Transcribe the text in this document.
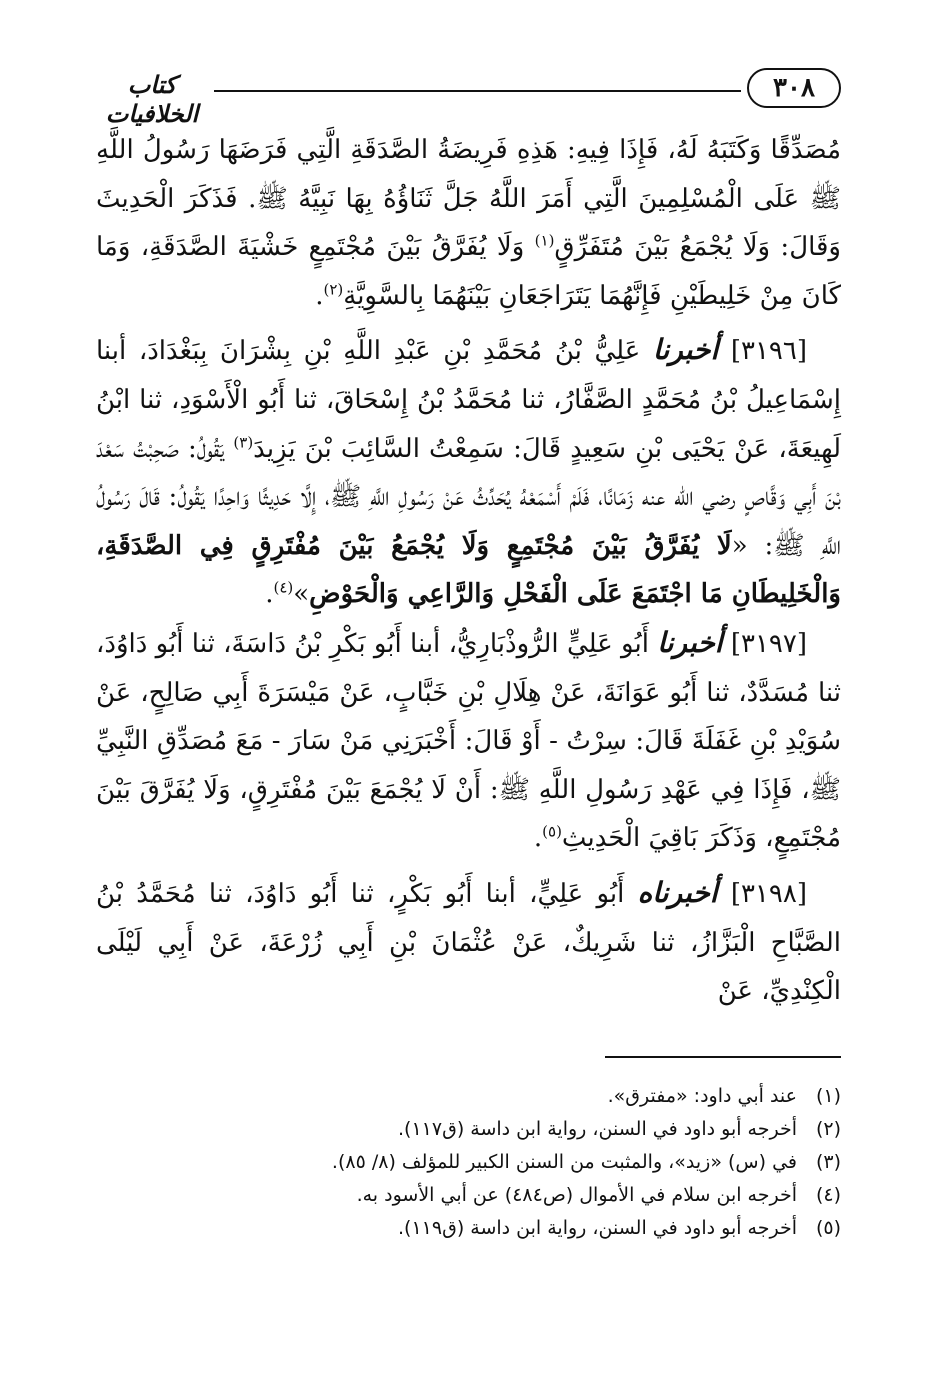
٣٠٨
كتاب الخلافيات

مُصَدِّقًا وَكَتَبَهُ لَهُ، فَإِذَا فِيهِ: هَذِهِ فَرِيضَةُ الصَّدَقَةِ الَّتِي فَرَضَهَا رَسُولُ اللَّهِ ﷺ عَلَى الْمُسْلِمِينَ الَّتِي أَمَرَ اللَّهُ جَلَّ ثَنَاؤُهُ بِهَا نَبِيَّهُ ﷺ. فَذَكَرَ الْحَدِيثَ وَقَالَ: وَلَا يُجْمَعُ بَيْنَ مُتَفَرِّقٍ$^{(١)}$ وَلَا يُفَرَّقُ بَيْنَ مُجْتَمِعٍ خَشْيَةَ الصَّدَقَةِ، وَمَا كَانَ مِنْ خَلِيطَيْنِ فَإِنَّهُمَا يَتَرَاجَعَانِ بَيْنَهُمَا بِالسَّوِيَّةِ$^{(٢)}$.

[٣١٩٦] أخبرنا عَلِيُّ بْنُ مُحَمَّدِ بْنِ عَبْدِ اللَّهِ بْنِ بِشْرَانَ بِبَغْدَادَ، أبنا إِسْمَاعِيلُ بْنُ مُحَمَّدٍ الصَّفَّارُ، ثنا مُحَمَّدُ بْنُ إِسْحَاقَ، ثنا أَبُو الْأَسْوَدِ، ثنا ابْنُ لَهِيعَةَ، عَنْ يَحْيَى بْنِ سَعِيدٍ قَالَ: سَمِعْتُ السَّائِبَ بْنَ يَزِيدَ$^{(٣)}$ يَقُولُ: صَحِبْتُ سَعْدَ بْنَ أَبِي وَقَّاصٍ رضي الله عنه زَمَانًا، فَلَمْ أَسْمَعْهُ يُحَدِّثُ عَنْ رَسُولِ اللَّهِ ﷺ، إِلَّا حَدِيثًا وَاحِدًا يَقُولُ: قَالَ رَسُولُ اللَّهِ ﷺ: «لَا يُفَرَّقُ بَيْنَ مُجْتَمِعٍ وَلَا يُجْمَعُ بَيْنَ مُفْتَرِقٍ فِي الصَّدَقَةِ، وَالْخَلِيطَانِ مَا اجْتَمَعَ عَلَى الْفَحْلِ وَالرَّاعِي وَالْحَوْضِ»$^{(٤)}$.

[٣١٩٧] أخبرنا أَبُو عَلِيٍّ الرُّوذْبَارِيُّ، أبنا أَبُو بَكْرِ بْنُ دَاسَةَ، ثنا أَبُو دَاوُدَ، ثنا مُسَدَّدٌ، ثنا أَبُو عَوَانَةَ، عَنْ هِلَالِ بْنِ خَبَّابٍ، عَنْ مَيْسَرَةَ أَبِي صَالِحٍ، عَنْ سُوَيْدِ بْنِ غَفَلَةَ قَالَ: سِرْتُ - أَوْ قَالَ: أَخْبَرَنِي مَنْ سَارَ - مَعَ مُصَدِّقِ النَّبِيِّ ﷺ، فَإِذَا فِي عَهْدِ رَسُولِ اللَّهِ ﷺ: أَنْ لَا يُجْمَعَ بَيْنَ مُفْتَرِقٍ، وَلَا يُفَرَّقَ بَيْنَ مُجْتَمِعٍ، وَذَكَرَ بَاقِيَ الْحَدِيثِ$^{(٥)}$.

[٣١٩٨] أخبرناه أَبُو عَلِيٍّ، أبنا أَبُو بَكْرٍ، ثنا أَبُو دَاوُدَ، ثنا مُحَمَّدُ بْنُ الصَّبَّاحِ الْبَزَّازُ، ثنا شَرِيكٌ، عَنْ عُثْمَانَ بْنِ أَبِي زُرْعَةَ، عَنْ أَبِي لَيْلَى الْكِنْدِيِّ، عَنْ

(١)عند أبي داود: «مفترق».
(٢)أخرجه أبو داود في السنن، رواية ابن داسة (ق١١٧).
(٣)في (س) «زيد»، والمثبت من السنن الكبير للمؤلف (٨/ ٨٥).
(٤)أخرجه ابن سلام في الأموال (ص٤٨٤) عن أبي الأسود به.
(٥)أخرجه أبو داود في السنن، رواية ابن داسة (ق١١٩).
